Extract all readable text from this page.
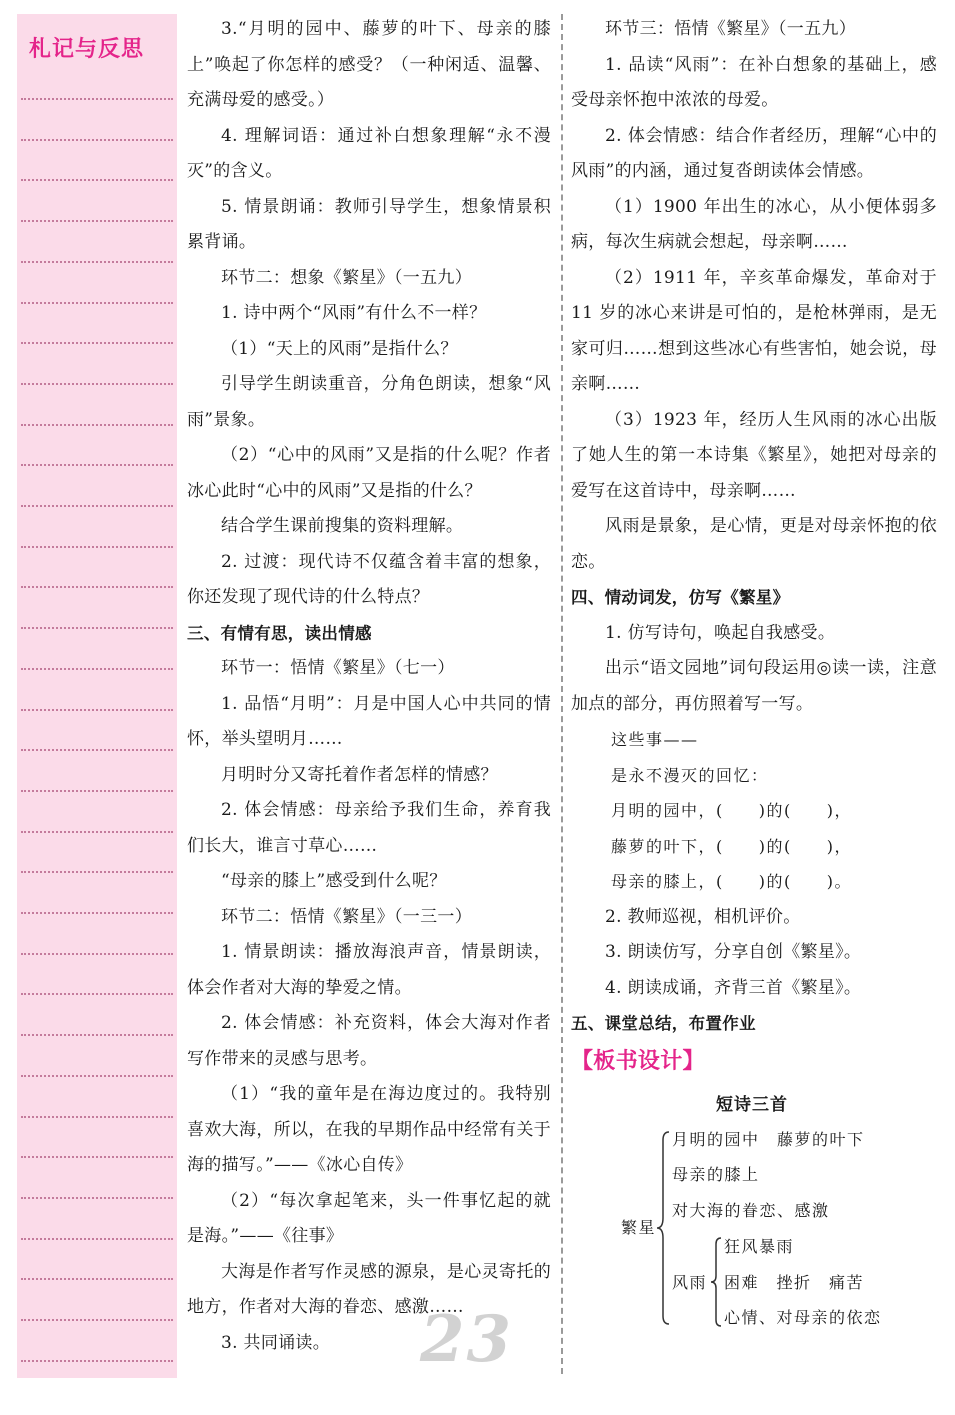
札记与反思

3.“月明的园中、藤萝的叶下、母亲的膝上”唤起了你怎样的感受？（一种闲适、温馨、充满母爱的感受。）

4. 理解词语：通过补白想象理解“永不漫灭”的含义。

5. 情景朗诵：教师引导学生，想象情景积累背诵。

环节二：想象《繁星》（一五九）

1. 诗中两个“风雨”有什么不一样？

（1）“天上的风雨”是指什么？

引导学生朗读重音，分角色朗读，想象“风雨”景象。

（2）“心中的风雨”又是指的什么呢？作者冰心此时“心中的风雨”又是指的什么？

结合学生课前搜集的资料理解。

2. 过渡：现代诗不仅蕴含着丰富的想象，你还发现了现代诗的什么特点？

三、有情有思，读出情感

环节一：悟情《繁星》（七一）

1. 品悟“月明”：月是中国人心中共同的情怀，举头望明月……

月明时分又寄托着作者怎样的情感？

2. 体会情感：母亲给予我们生命，养育我们长大，谁言寸草心……

“母亲的膝上”感受到什么呢？

环节二：悟情《繁星》（一三一）

1. 情景朗读：播放海浪声音，情景朗读，体会作者对大海的挚爱之情。

2. 体会情感：补充资料，体会大海对作者写作带来的灵感与思考。

（1）“我的童年是在海边度过的。我特别喜欢大海，所以，在我的早期作品中经常有关于海的描写。”——《冰心自传》

（2）“每次拿起笔来，头一件事忆起的就是海。”——《往事》

大海是作者写作灵感的源泉，是心灵寄托的地方，作者对大海的眷恋、感激……

3. 共同诵读。

环节三：悟情《繁星》（一五九）

1. 品读“风雨”：在补白想象的基础上，感受母亲怀抱中浓浓的母爱。

2. 体会情感：结合作者经历，理解“心中的风雨”的内涵，通过复沓朗读体会情感。

（1）1900 年出生的冰心，从小便体弱多病，每次生病就会想起，母亲啊……

（2）1911 年，辛亥革命爆发，革命对于 11 岁的冰心来讲是可怕的，是枪林弹雨，是无家可归……想到这些冰心有些害怕，她会说，母亲啊……

（3）1923 年，经历人生风雨的冰心出版了她人生的第一本诗集《繁星》，她把对母亲的爱写在这首诗中，母亲啊……

风雨是景象，是心情，更是对母亲怀抱的依恋。

四、情动词发，仿写《繁星》

1. 仿写诗句，唤起自我感受。

出示“语文园地”词句段运用◎读一读，注意加点的部分，再仿照着写一写。

这些事——

是永不漫灭的回忆：

月明的园中，(　　)的(　　)，

藤萝的叶下，(　　)的(　　)，

母亲的膝上，(　　)的(　　)。

2. 教师巡视，相机评价。

3. 朗读仿写，分享自创《繁星》。

4. 朗读成诵，齐背三首《繁星》。

五、课堂总结，布置作业

【板书设计】

短诗三首
月明的园中　藤萝的叶下
母亲的膝上
对大海的眷恋、感激
繁星
风雨
狂风暴雨
困难　挫折　痛苦
心情、对母亲的依恋
23
